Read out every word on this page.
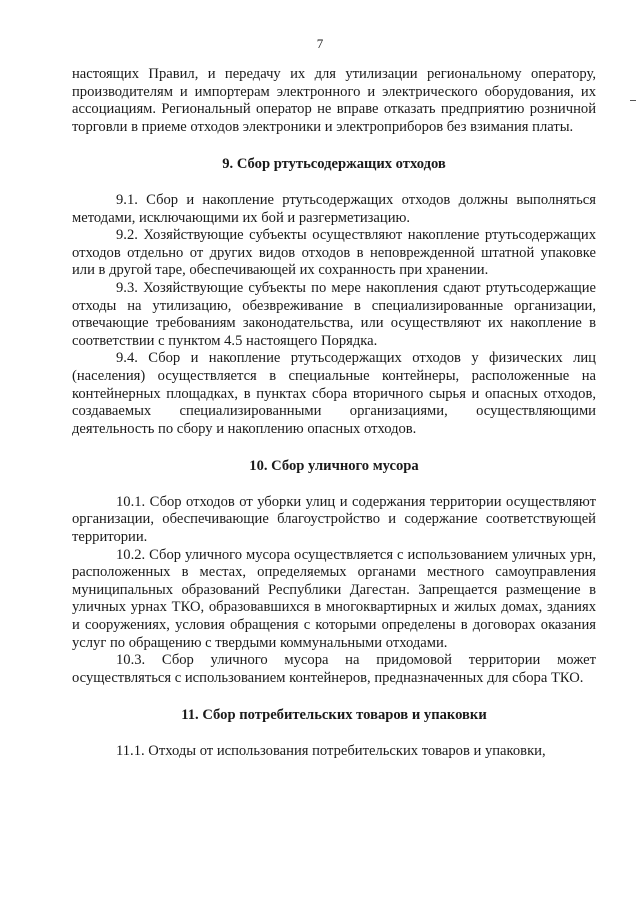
7

настоящих Правил, и передачу их для утилизации региональному оператору, производителям и импортерам электронного и электрического оборудования, их ассоциациям. Региональный оператор не вправе отказать предприятию розничной торговли в приеме отходов электроники и электроприборов без взимания платы.

9. Сбор ртутьсодержащих отходов

9.1. Сбор и накопление ртутьсодержащих отходов должны выполняться методами, исключающими их бой и разгерметизацию.

9.2. Хозяйствующие субъекты осуществляют накопление ртутьсодержащих отходов отдельно от других видов отходов в неповрежденной штатной упаковке или в другой таре, обеспечивающей их сохранность при хранении.

9.3. Хозяйствующие субъекты по мере накопления сдают ртутьсодержащие отходы на утилизацию, обезвреживание в специализированные организации, отвечающие требованиям законодательства, или осуществляют их накопление в соответствии с пунктом 4.5 настоящего Порядка.

9.4. Сбор и накопление ртутьсодержащих отходов у физических лиц (населения) осуществляется в специальные контейнеры, расположенные на контейнерных площадках, в пунктах сбора вторичного сырья и опасных отходов, создаваемых специализированными организациями, осуществляющими деятельность по сбору и накоплению опасных отходов.

10. Сбор уличного мусора

10.1. Сбор отходов от уборки улиц и содержания территории осуществляют организации, обеспечивающие благоустройство и содержание соответствующей территории.

10.2. Сбор уличного мусора осуществляется с использованием уличных урн, расположенных в местах, определяемых органами местного самоуправления муниципальных образований Республики Дагестан. Запрещается размещение в уличных урнах ТКО, образовавшихся в многоквартирных и жилых домах, зданиях и сооружениях, условия обращения с которыми определены в договорах оказания услуг по обращению с твердыми коммунальными отходами.

10.3. Сбор уличного мусора на придомовой территории может осуществляться с использованием контейнеров, предназначенных для сбора ТКО.

11. Сбор потребительских товаров и упаковки

11.1. Отходы от использования потребительских товаров и упаковки,
